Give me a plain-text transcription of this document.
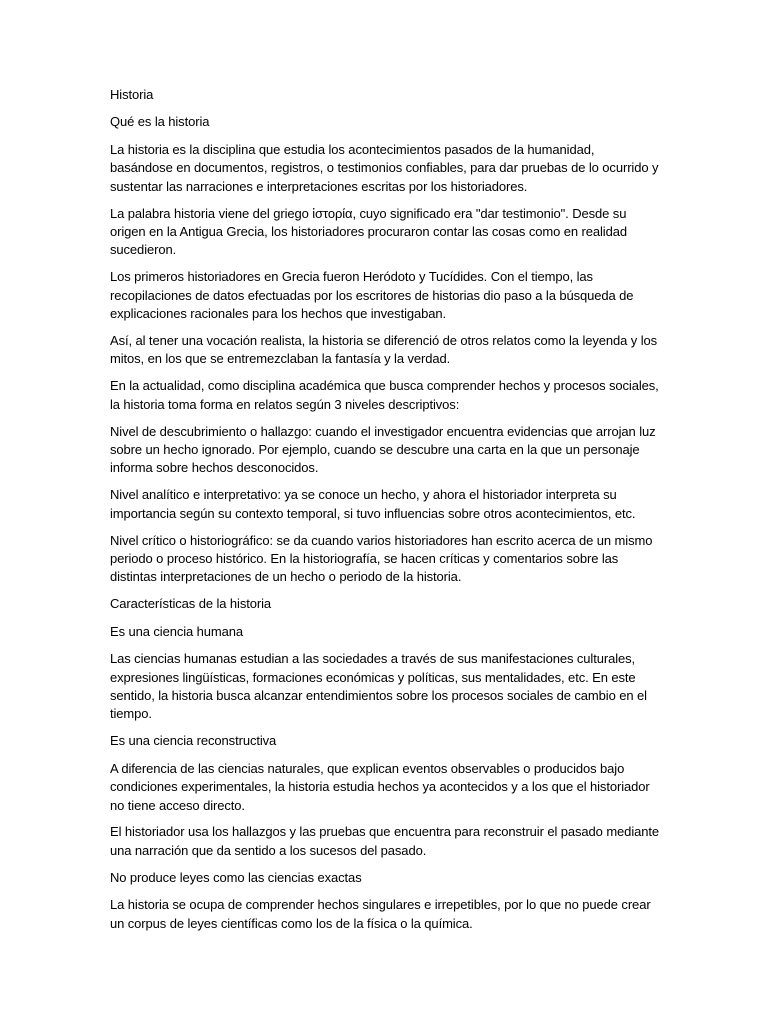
Historia

Qué es la historia

La historia es la disciplina que estudia los acontecimientos pasados de la humanidad, basándose en documentos, registros, o testimonios confiables, para dar pruebas de lo ocurrido y sustentar las narraciones e interpretaciones escritas por los historiadores.

La palabra historia viene del griego ἱστορία, cuyo significado era "dar testimonio". Desde su origen en la Antigua Grecia, los historiadores procuraron contar las cosas como en realidad sucedieron.

Los primeros historiadores en Grecia fueron Heródoto y Tucídides. Con el tiempo, las recopilaciones de datos efectuadas por los escritores de historias dio paso a la búsqueda de explicaciones racionales para los hechos que investigaban.

Así, al tener una vocación realista, la historia se diferenció de otros relatos como la leyenda y los mitos, en los que se entremezclaban la fantasía y la verdad.

En la actualidad, como disciplina académica que busca comprender hechos y procesos sociales, la historia toma forma en relatos según 3 niveles descriptivos:

Nivel de descubrimiento o hallazgo: cuando el investigador encuentra evidencias que arrojan luz sobre un hecho ignorado. Por ejemplo, cuando se descubre una carta en la que un personaje informa sobre hechos desconocidos.

Nivel analítico e interpretativo: ya se conoce un hecho, y ahora el historiador interpreta su importancia según su contexto temporal, si tuvo influencias sobre otros acontecimientos, etc.

Nivel crítico o historiográfico: se da cuando varios historiadores han escrito acerca de un mismo periodo o proceso histórico. En la historiografía, se hacen críticas y comentarios sobre las distintas interpretaciones de un hecho o periodo de la historia.

Características de la historia

Es una ciencia humana

Las ciencias humanas estudian a las sociedades a través de sus manifestaciones culturales, expresiones lingüísticas, formaciones económicas y políticas, sus mentalidades, etc. En este sentido, la historia busca alcanzar entendimientos sobre los procesos sociales de cambio en el tiempo.

Es una ciencia reconstructiva

A diferencia de las ciencias naturales, que explican eventos observables o producidos bajo condiciones experimentales, la historia estudia hechos ya acontecidos y a los que el historiador no tiene acceso directo.

El historiador usa los hallazgos y las pruebas que encuentra para reconstruir el pasado mediante una narración que da sentido a los sucesos del pasado.

No produce leyes como las ciencias exactas

La historia se ocupa de comprender hechos singulares e irrepetibles, por lo que no puede crear un corpus de leyes científicas como los de la física o la química.
